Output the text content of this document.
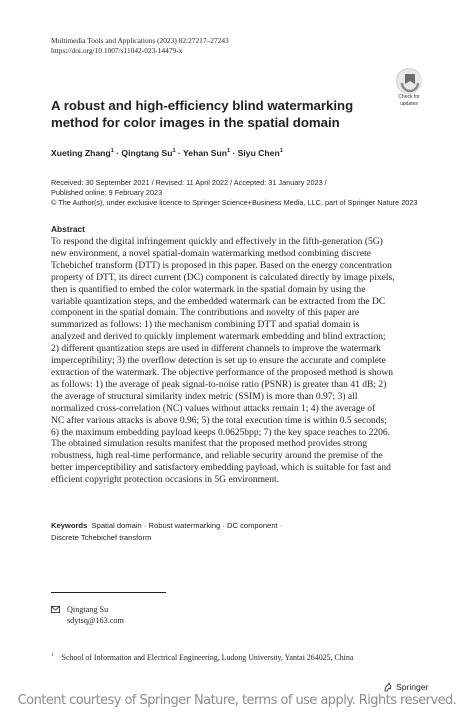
Multimedia Tools and Applications (2023) 82:27217–27243
https://doi.org/10.1007/s11042-023-14479-x
Check for
updates
A robust and high-efficiency blind watermarking
method for color images in the spatial domain
Xueting Zhang$^1$ · Qingtang $Su^1$ · Yehan Sun$^1$ · Siyu Chen$^1$
Received: 30 September 2021 / Revised: 11 April 2022 / Accepted: 31 January 2023 /
Published online: 9 February 2023
© The Author(s), under exclusive licence to Springer Science+Business Media, LLC, part of Springer Nature 2023
Abstract
To respond the digital infringement quickly and effectively in the fifth-generation (5G)
new environment, a novel spatial-domain watermarking method combining discrete
Tchebichef transform (DTT) is proposed in this paper. Based on the energy concentration
property of DTT, its direct current (DC) component is calculated directly by image pixels,
then is quantified to embed the color watermark in the spatial domain by using the
variable quantization steps, and the embedded watermark can be extracted from the DC
component in the spatial domain. The contributions and novelty of this paper are
summarized as follows: 1) the mechanism combining DTT and spatial domain is
analyzed and derived to quickly implement watermark embedding and blind extraction;
2) different quantization steps are used in different channels to improve the watermark
imperceptibility; 3) the overflow detection is set up to ensure the accurate and complete
extraction of the watermark. The objective performance of the proposed method is shown
as follows: 1) the average of peak signal-to-noise ratio (PSNR) is greater than 41 dB; 2)
the average of structural similarity index metric (SSIM) is more than 0.97; 3) all
normalized cross-correlation (NC) values without attacks remain 1; 4) the average of
NC after various attacks is above 0.96; 5) the total execution time is within 0.5 seconds;
6) the maximum embedding payload keeps 0.0625bpp; 7) the key space reaches to 2206.
The obtained simulation results manifest that the proposed method provides strong
robustness, high real-time performance, and reliable security around the premise of the
better imperceptibility and satisfactory embedding payload, which is suitable for fast and
efficient copyright protection occasions in 5G environment.
Keywords Spatial domain · Robust watermarking · DC component ·
Discrete Tchebichef transform
Qingtang Su
sdytsq@163.com
$^1$ School of Information and Electrical Engineering, Ludong University, Yantai 264025, China
Springer
Content courtesy of Springer Nature, terms of use apply. Rights reserved.
